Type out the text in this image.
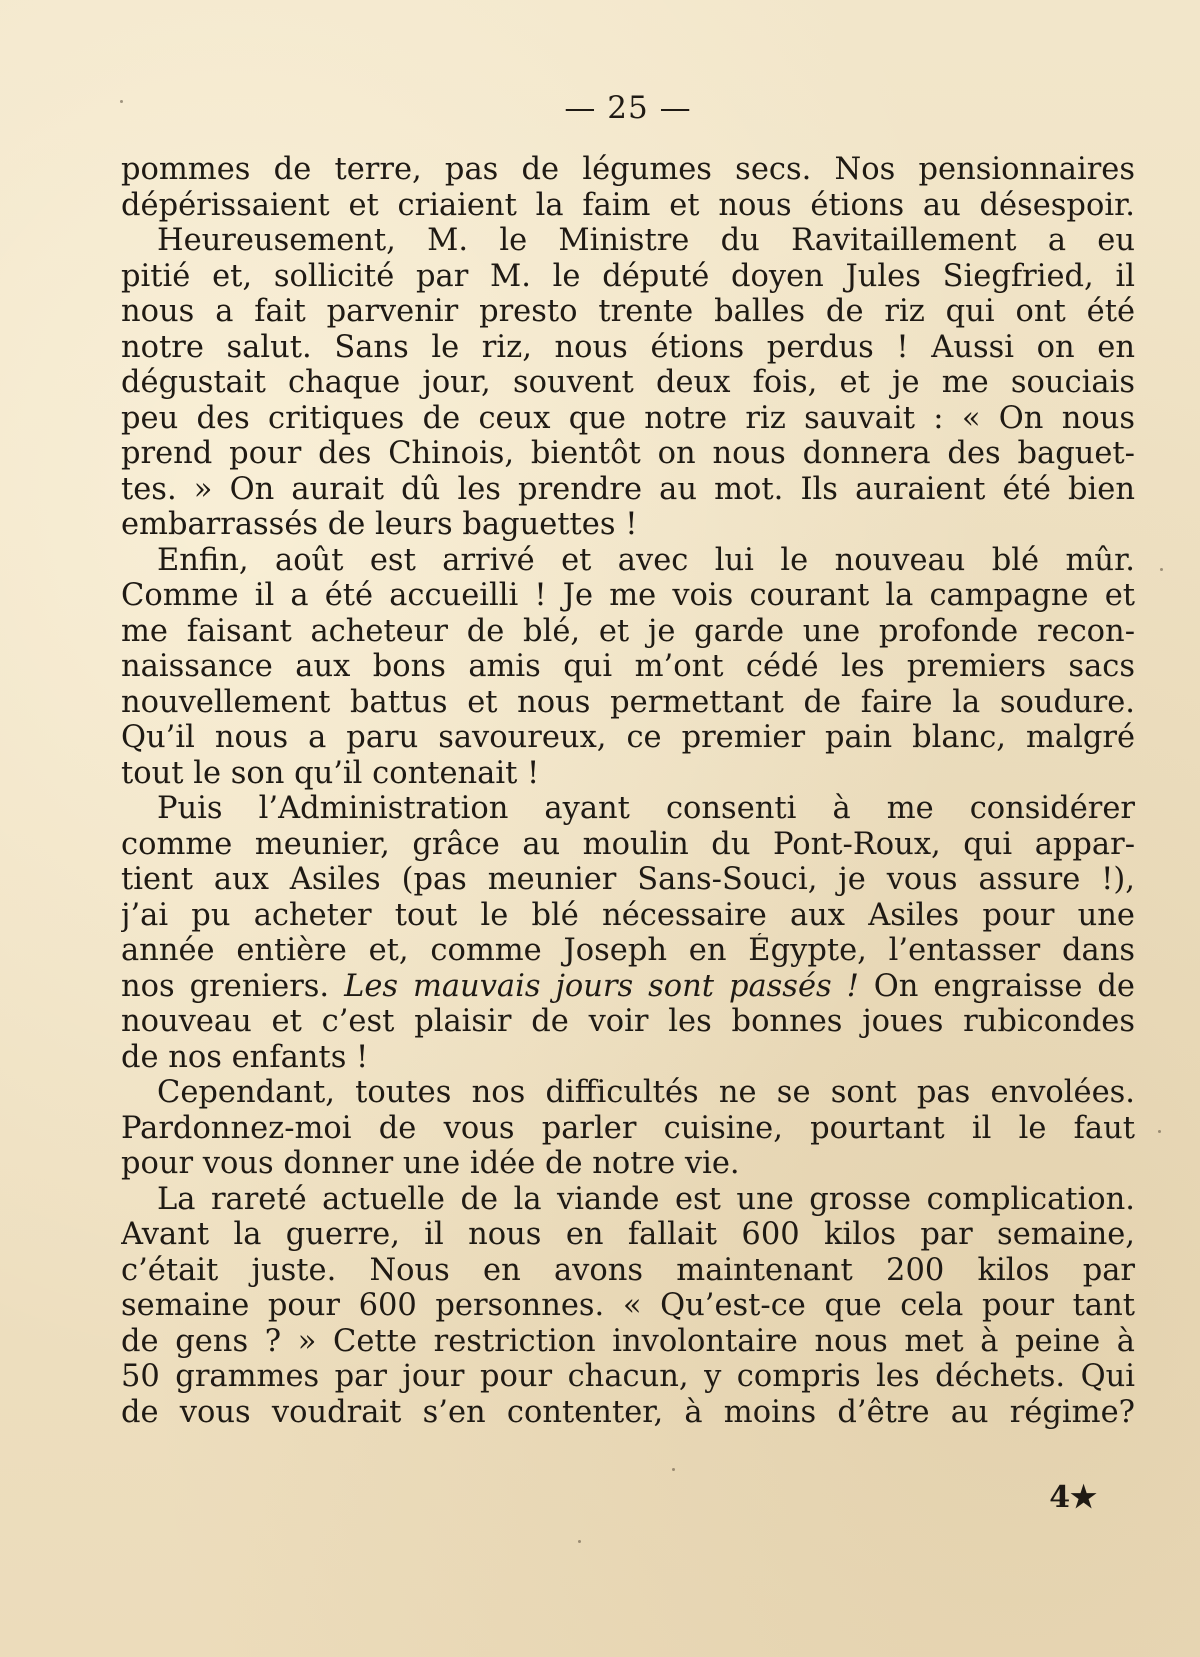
— 25 —
pommes de terre, pas de légumes secs. Nos pensionnaires
dépérissaient et criaient la faim et nous étions au désespoir.
Heureusement, M. le Ministre du Ravitaillement a eu
pitié et, sollicité par M. le député doyen Jules Siegfried, il
nous a fait parvenir presto trente balles de riz qui ont été
notre salut. Sans le riz, nous étions perdus ! Aussi on en
dégustait chaque jour, souvent deux fois, et je me souciais
peu des critiques de ceux que notre riz sauvait : « On nous
prend pour des Chinois, bientôt on nous donnera des baguet-
tes. » On aurait dû les prendre au mot. Ils auraient été bien
embarrassés de leurs baguettes !
Enfin, août est arrivé et avec lui le nouveau blé mûr.
Comme il a été accueilli ! Je me vois courant la campagne et
me faisant acheteur de blé, et je garde une profonde recon-
naissance aux bons amis qui m’ont cédé les premiers sacs
nouvellement battus et nous permettant de faire la soudure.
Qu’il nous a paru savoureux, ce premier pain blanc, malgré
tout le son qu’il contenait !
Puis l’Administration ayant consenti à me considérer
comme meunier, grâce au moulin du Pont-Roux, qui appar-
tient aux Asiles (pas meunier Sans-Souci, je vous assure !),
j’ai pu acheter tout le blé nécessaire aux Asiles pour une
année entière et, comme Joseph en Égypte, l’entasser dans
nos greniers. Les mauvais jours sont passés ! On engraisse de
nouveau et c’est plaisir de voir les bonnes joues rubicondes
de nos enfants !
Cependant, toutes nos difficultés ne se sont pas envolées.
Pardonnez-moi de vous parler cuisine, pourtant il le faut
pour vous donner une idée de notre vie.
La rareté actuelle de la viande est une grosse complication.
Avant la guerre, il nous en fallait 600 kilos par semaine,
c’était juste. Nous en avons maintenant 200 kilos par
semaine pour 600 personnes. « Qu’est-ce que cela pour tant
de gens ? » Cette restriction involontaire nous met à peine à
50 grammes par jour pour chacun, y compris les déchets. Qui
de vous voudrait s’en contenter, à moins d’être au régime?
4★
